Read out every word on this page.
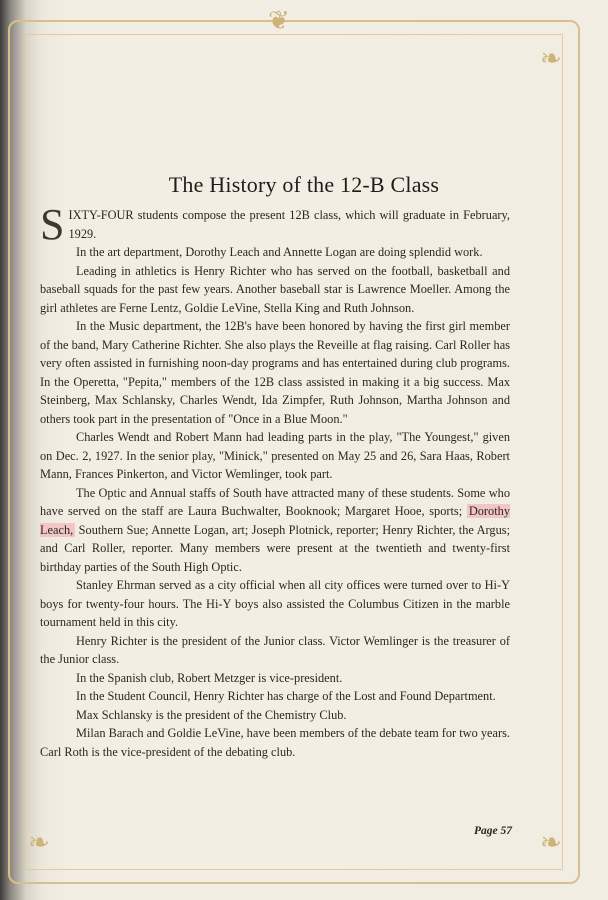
❦
❧
❧
❧
The History of the 12-B Class

SIXTY-FOUR students compose the present 12B class, which will graduate in February, 1929.

In the art department, Dorothy Leach and Annette Logan are doing splendid work.

Leading in athletics is Henry Richter who has served on the football, basketball and baseball squads for the past few years. Another baseball star is Lawrence Moeller. Among the girl athletes are Ferne Lentz, Goldie LeVine, Stella King and Ruth Johnson.

In the Music department, the 12B's have been honored by having the first girl member of the band, Mary Catherine Richter. She also plays the Reveille at flag raising. Carl Roller has very often assisted in furnishing noon-day programs and has entertained during club programs. In the Operetta, "Pepita," members of the 12B class assisted in making it a big success. Max Steinberg, Max Schlansky, Charles Wendt, Ida Zimpfer, Ruth Johnson, Martha Johnson and others took part in the presentation of "Once in a Blue Moon."

Charles Wendt and Robert Mann had leading parts in the play, "The Youngest," given on Dec. 2, 1927. In the senior play, "Minick," presented on May 25 and 26, Sara Haas, Robert Mann, Frances Pinkerton, and Victor Wemlinger, took part.

The Optic and Annual staffs of South have attracted many of these students. Some who have served on the staff are Laura Buchwalter, Booknook; Margaret Hooe, sports; Dorothy Leach, Southern Sue; Annette Logan, art; Joseph Plotnick, reporter; Henry Richter, the Argus; and Carl Roller, reporter. Many members were present at the twentieth and twenty-first birthday parties of the South High Optic.

Stanley Ehrman served as a city official when all city offices were turned over to Hi-Y boys for twenty-four hours. The Hi-Y boys also assisted the Columbus Citizen in the marble tournament held in this city.

Henry Richter is the president of the Junior class. Victor Wemlinger is the treasurer of the Junior class.

In the Spanish club, Robert Metzger is vice-president.

In the Student Council, Henry Richter has charge of the Lost and Found Department.

Max Schlansky is the president of the Chemistry Club.

Milan Barach and Goldie LeVine, have been members of the debate team for two years. Carl Roth is the vice-president of the debating club.

Page 57
